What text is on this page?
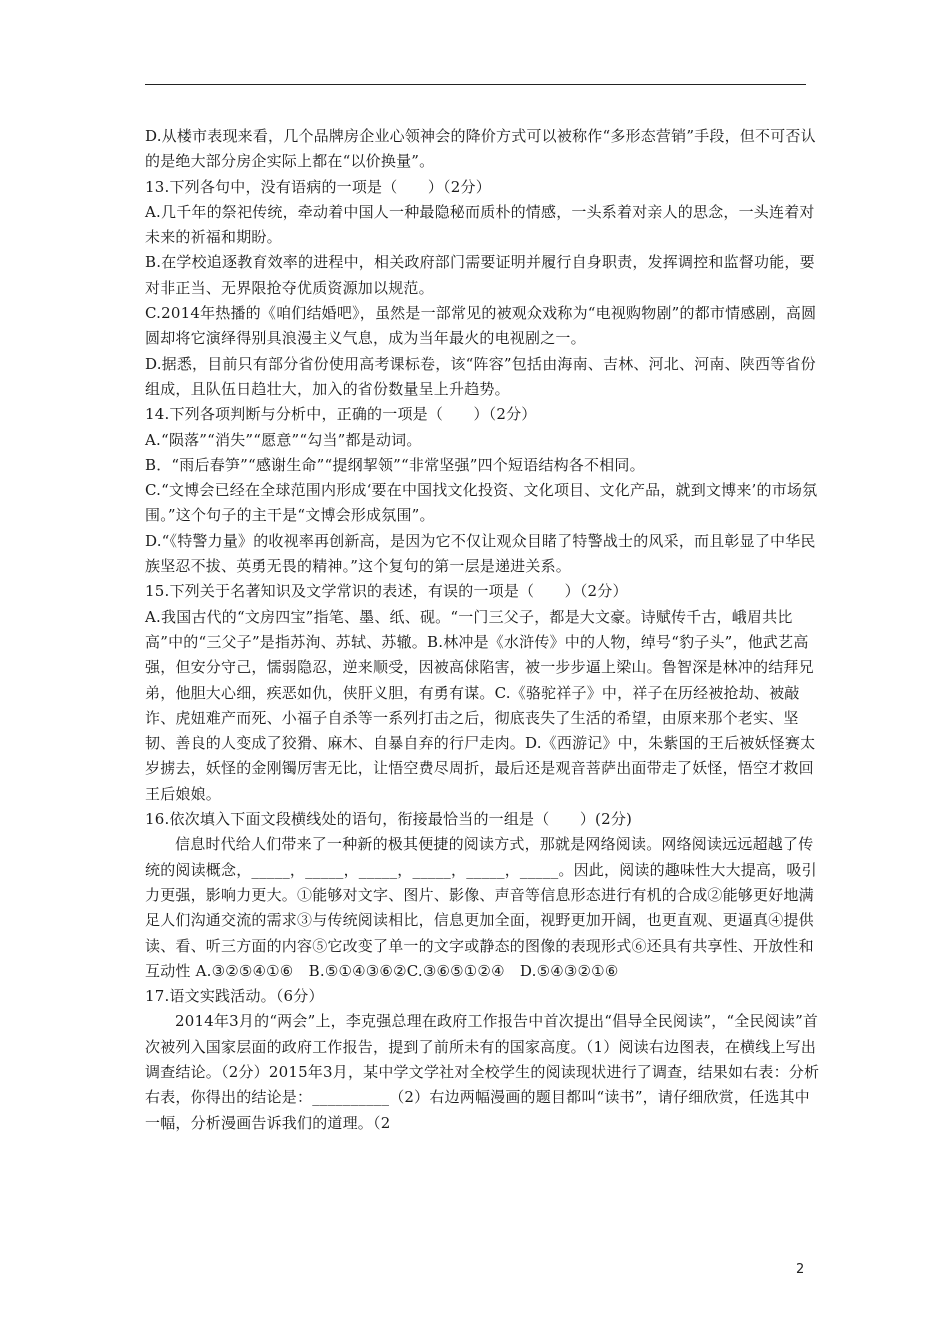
D.从楼市表现来看，几个品牌房企业心领神会的降价方式可以被称作“多形态营销”手段，但不可否认的是绝大部分房企实际上都在“以价换量”。

13.下列各句中，没有语病的一项是（　　）（2分）

A.几千年的祭祀传统，牵动着中国人一种最隐秘而质朴的情感，一头系着对亲人的思念，一头连着对未来的祈福和期盼。

B.在学校追逐教育效率的进程中，相关政府部门需要证明并履行自身职责，发挥调控和监督功能，要对非正当、无界限抢夺优质资源加以规范。

C.2014年热播的《咱们结婚吧》，虽然是一部常见的被观众戏称为“电视购物剧”的都市情感剧，高圆圆却将它演绎得别具浪漫主义气息，成为当年最火的电视剧之一。

D.据悉，目前只有部分省份使用高考课标卷，该“阵容”包括由海南、吉林、河北、河南、陕西等省份组成，且队伍日趋壮大，加入的省份数量呈上升趋势。

14.下列各项判断与分析中，正确的一项是（　　）（2分）

A.“陨落”“消失”“愿意”“勾当”都是动词。

B．“雨后春笋”“感谢生命”“提纲挈领”“非常坚强”四个短语结构各不相同。

C.“文博会已经在全球范围内形成‘要在中国找文化投资、文化项目、文化产品，就到文博来’的市场氛围。”这个句子的主干是“文博会形成氛围”。

D.“《特警力量》的收视率再创新高，是因为它不仅让观众目睹了特警战士的风采，而且彰显了中华民族坚忍不拔、英勇无畏的精神。”这个复句的第一层是递进关系。

15.下列关于名著知识及文学常识的表述，有误的一项是（　　）（2分）

A.我国古代的“文房四宝”指笔、墨、纸、砚。“一门三父子，都是大文豪。诗赋传千古，峨眉共比高”中的“三父子”是指苏洵、苏轼、苏辙。B.林冲是《水浒传》中的人物，绰号“豹子头”，他武艺高强，但安分守己，懦弱隐忍，逆来顺受，因被高俅陷害，被一步步逼上梁山。鲁智深是林冲的结拜兄弟，他胆大心细，疾恶如仇，侠肝义胆，有勇有谋。C.《骆驼祥子》中，祥子在历经被抢劫、被敲诈、虎妞难产而死、小福子自杀等一系列打击之后，彻底丧失了生活的希望，由原来那个老实、坚韧、善良的人变成了狡猾、麻木、自暴自弃的行尸走肉。D.《西游记》中，朱紫国的王后被妖怪赛太岁掳去，妖怪的金刚镯厉害无比，让悟空费尽周折，最后还是观音菩萨出面带走了妖怪，悟空才救回王后娘娘。

16.依次填入下面文段横线处的语句，衔接最恰当的一组是（　　）(2分)

信息时代给人们带来了一种新的极其便捷的阅读方式，那就是网络阅读。网络阅读远远超越了传统的阅读概念，_____，_____，_____，_____，_____，_____。因此，阅读的趣味性大大提高，吸引力更强，影响力更大。①能够对文字、图片、影像、声音等信息形态进行有机的合成②能够更好地满足人们沟通交流的需求③与传统阅读相比，信息更加全面，视野更加开阔，也更直观、更逼真④提供读、看、听三方面的内容⑤它改变了单一的文字或静态的图像的表现形式⑥还具有共享性、开放性和互动性 A.③②⑤④①⑥　B.⑤①④③⑥②C.③⑥⑤①②④　D.⑤④③②①⑥

17.语文实践活动。（6分）

2014年3月的“两会”上，李克强总理在政府工作报告中首次提出“倡导全民阅读”，“全民阅读”首次被列入国家层面的政府工作报告，提到了前所未有的国家高度。（1）阅读右边图表，在横线上写出调查结论。（2分）2015年3月，某中学文学社对全校学生的阅读现状进行了调查，结果如右表：分析右表，你得出的结论是：__________（2）右边两幅漫画的题目都叫“读书”，请仔细欣赏，任选其中一幅，分析漫画告诉我们的道理。（2

2
